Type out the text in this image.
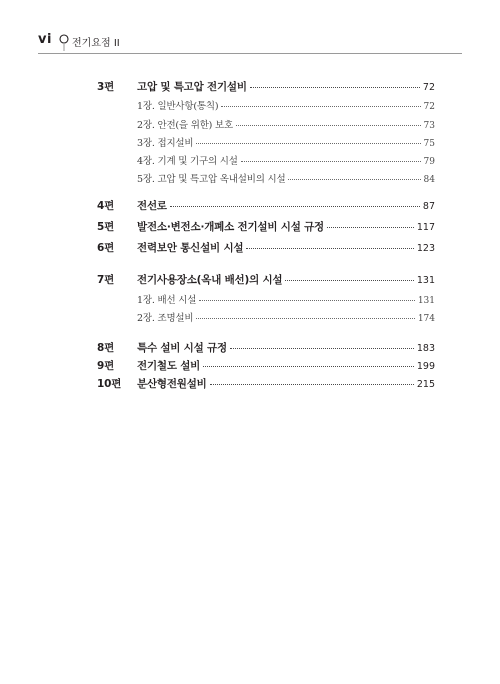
vi 전기요점 II
3편 고압 및 특고압 전기설비	72
1장. 일반사항(통칙)	72
2장. 안전(을 위한) 보호	73
3장. 접지설비	75
4장. 기계 및 기구의 시설	79
5장. 고압 및 특고압 옥내설비의 시설	84
4편 전선로	87
5편 발전소·변전소·개폐소 전기설비 시설 규정	117
6편 전력보안 통신설비 시설	123
7편 전기사용장소(옥내 배선)의 시설	131
1장. 배선 시설	131
2장. 조명설비	174
8편 특수 설비 시설 규정	183
9편 전기철도 설비	199
10편 분산형전원설비	215
